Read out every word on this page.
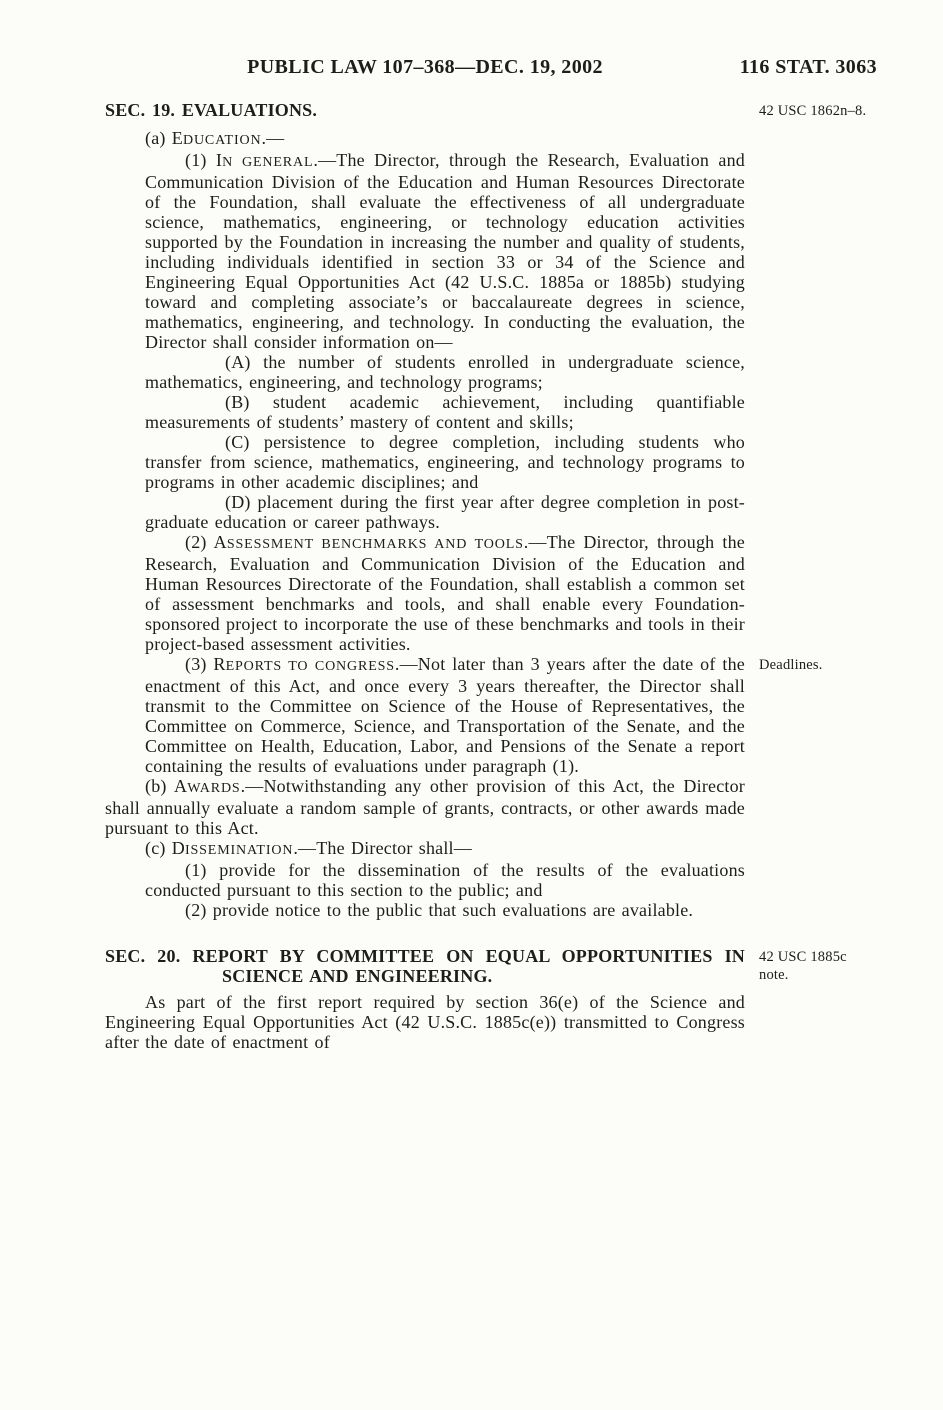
PUBLIC LAW 107–368—DEC. 19, 2002	116 STAT. 3063

SEC. 19. EVALUATIONS.	42 USC 1862n–8.

(a) EDUCATION.—

(1) IN GENERAL.—The Director, through the Research, Evaluation and Communication Division of the Education and Human Resources Directorate of the Foundation, shall evaluate the effectiveness of all undergraduate science, mathematics, engineering, or technology education activities supported by the Foundation in increasing the number and quality of students, including individuals identified in section 33 or 34 of the Science and Engineering Equal Opportunities Act (42 U.S.C. 1885a or 1885b) studying toward and completing associate’s or baccalaureate degrees in science, mathematics, engineering, and technology. In conducting the evaluation, the Director shall consider information on—

(A) the number of students enrolled in undergraduate science, mathematics, engineering, and technology programs;

(B) student academic achievement, including quantifiable measurements of students’ mastery of content and skills;

(C) persistence to degree completion, including students who transfer from science, mathematics, engineering, and technology programs to programs in other academic disciplines; and

(D) placement during the first year after degree completion in post-graduate education or career pathways.

(2) ASSESSMENT BENCHMARKS AND TOOLS.—The Director, through the Research, Evaluation and Communication Division of the Education and Human Resources Directorate of the Foundation, shall establish a common set of assessment benchmarks and tools, and shall enable every Foundation-sponsored project to incorporate the use of these benchmarks and tools in their project-based assessment activities.

(3) REPORTS TO CONGRESS.—Not later than 3 years after the date of the enactment of this Act, and once every 3 years thereafter, the Director shall transmit to the Committee on Science of the House of Representatives, the Committee on Commerce, Science, and Transportation of the Senate, and the Committee on Health, Education, Labor, and Pensions of the Senate a report containing the results of evaluations under paragraph (1).

Deadlines.

(b) AWARDS.—Notwithstanding any other provision of this Act, the Director shall annually evaluate a random sample of grants, contracts, or other awards made pursuant to this Act.

(c) DISSEMINATION.—The Director shall—

(1) provide for the dissemination of the results of the evaluations conducted pursuant to this section to the public; and

(2) provide notice to the public that such evaluations are available.

SEC. 20. REPORT BY COMMITTEE ON EQUAL OPPORTUNITIES IN

SCIENCE AND ENGINEERING.

42 USC 1885c
note.

As part of the first report required by section 36(e) of the Science and Engineering Equal Opportunities Act (42 U.S.C. 1885c(e)) transmitted to Congress after the date of enactment of
